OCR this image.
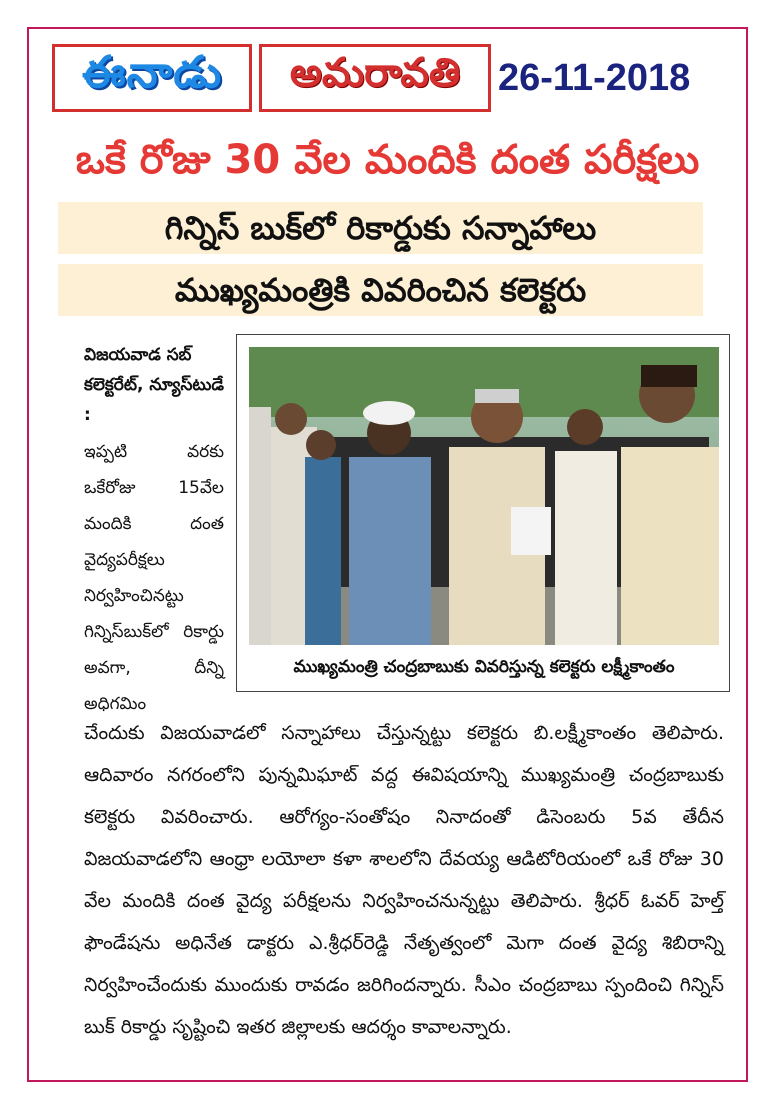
ఈనాడు అమరావతి 26-11-2018
ఒకే రోజు 30 వేల మందికి దంత పరీక్షలు
గిన్నిస్ బుక్‌లో రికార్డుకు సన్నాహాలు
ముఖ్యమంత్రికి వివరించిన కలెక్టరు
విజయవాడ సబ్ కలెక్టరేట్, న్యూస్‌టుడే :
ఇప్పటి వరకు ఒకేరోజు 15వేల మందికి దంత వైద్యపరీక్షలు నిర్వహించినట్టు గిన్నిస్‌బుక్‌లో రికార్డు అవగా, దీన్ని అధిగమిం
ముఖ్యమంత్రి చంద్రబాబుకు వివరిస్తున్న కలెక్టరు లక్ష్మీకాంతం
చేందుకు విజయవాడలో సన్నాహాలు చేస్తున్నట్టు కలెక్టరు బి.లక్ష్మీకాంతం తెలిపారు. ఆదివారం నగరంలోని పున్నమిఘాట్ వద్ద ఈవిషయాన్ని ముఖ్యమంత్రి చంద్రబాబుకు కలెక్టరు వివరించారు. ఆరోగ్యం-సంతోషం నినాదంతో డిసెంబరు 5వ తేదీన విజయవాడలోని ఆంధ్రా లయోలా కళా శాలలోని దేవయ్య ఆడిటోరియంలో ఒకే రోజు 30 వేల మందికి దంత వైద్య పరీక్షలను నిర్వహించనున్నట్టు తెలిపారు. శ్రీధర్ ఓవర్ హెల్త్ ఫౌండేషను అధినేత డాక్టరు ఎ.శ్రీధర్‌రెడ్డి నేతృత్వంలో మెగా దంత వైద్య శిబిరాన్ని నిర్వహించేందుకు ముందుకు రావడం జరిగిందన్నారు. సీఎం చంద్రబాబు స్పందించి గిన్నిస్ బుక్ రికార్డు సృష్టించి ఇతర జిల్లాలకు ఆదర్శం కావాలన్నారు.
